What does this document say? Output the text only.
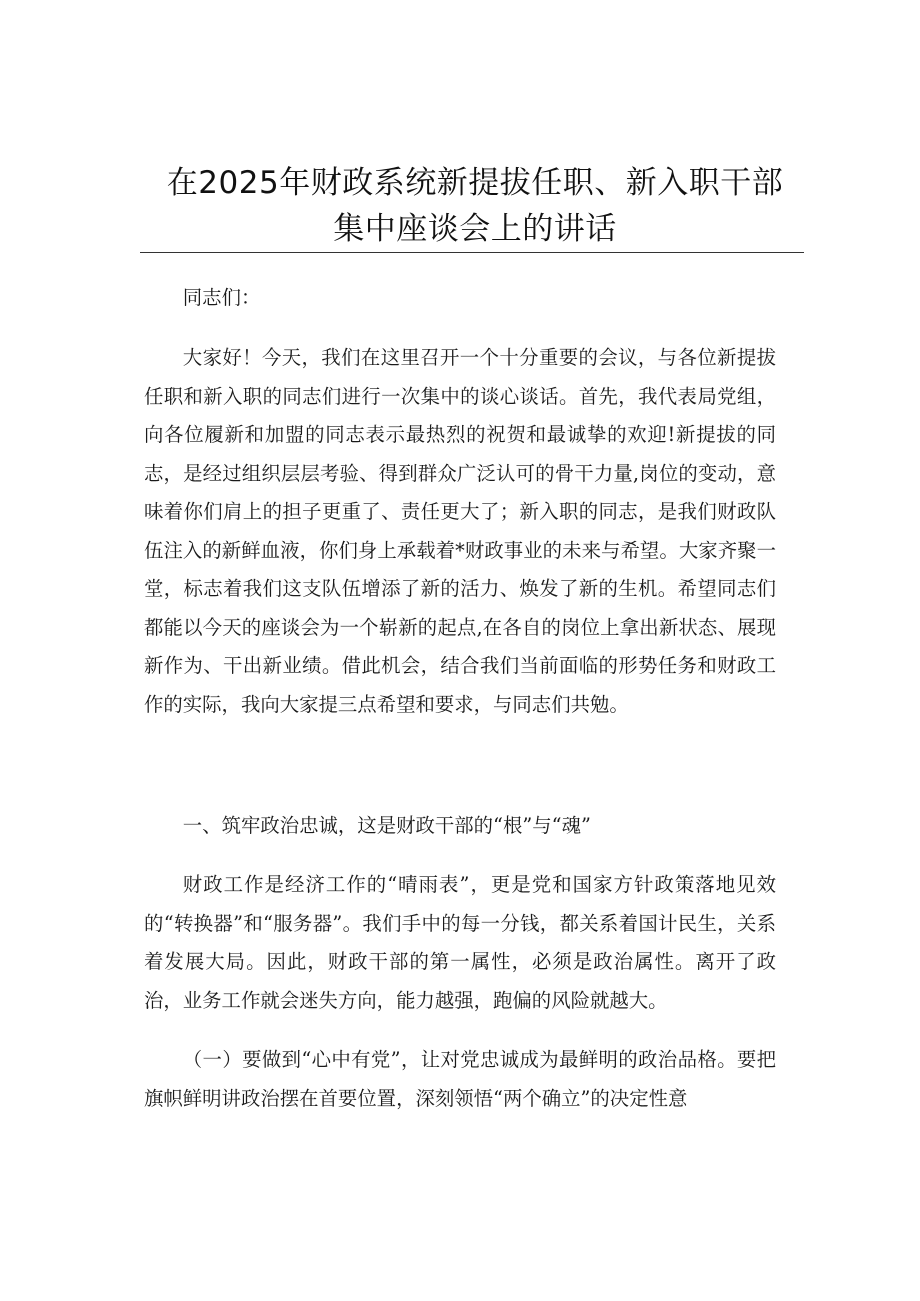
在2025年财政系统新提拔任职、新入职干部
集中座谈会上的讲话

同志们：

大家好！今天，我们在这里召开一个十分重要的会议，与各位新提拔任职和新入职的同志们进行一次集中的谈心谈话。首先，我代表局党组，向各位履新和加盟的同志表示最热烈的祝贺和最诚挚的欢迎!新提拔的同志，是经过组织层层考验、得到群众广泛认可的骨干力量,岗位的变动，意味着你们肩上的担子更重了、责任更大了；新入职的同志，是我们财政队伍注入的新鲜血液，你们身上承载着*财政事业的未来与希望。大家齐聚一堂，标志着我们这支队伍增添了新的活力、焕发了新的生机。希望同志们都能以今天的座谈会为一个崭新的起点,在各自的岗位上拿出新状态、展现新作为、干出新业绩。借此机会，结合我们当前面临的形势任务和财政工作的实际，我向大家提三点希望和要求，与同志们共勉。

一、筑牢政治忠诚，这是财政干部的“根”与“魂”

财政工作是经济工作的“晴雨表”，更是党和国家方针政策落地见效的“转换器”和“服务器”。我们手中的每一分钱，都关系着国计民生，关系着发展大局。因此，财政干部的第一属性，必须是政治属性。离开了政治，业务工作就会迷失方向，能力越强，跑偏的风险就越大。

（一）要做到“心中有党”，让对党忠诚成为最鲜明的政治品格。要把旗帜鲜明讲政治摆在首要位置，深刻领悟“两个确立”的决定性意
